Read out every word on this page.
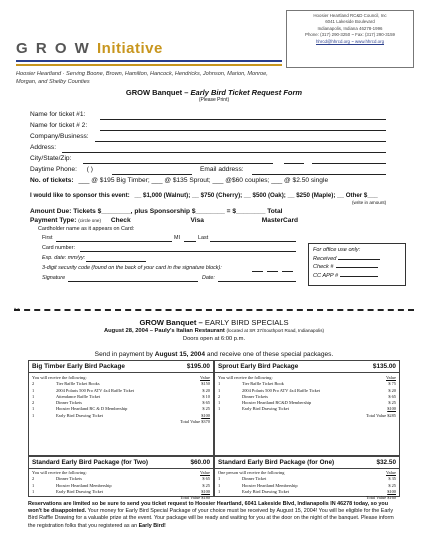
G R O W Initiative
Hoosier Heartland · Serving Boone, Brown, Hamilton, Hancock, Hendricks, Johnson, Marion, Monroe, Morgan, and Shelby Counties
Hoosier Heartland RC&D Council, Inc
6041 Lakeside Boulevard
Indianapolis, Indiana 46278-1996
Phone: (317) 290-3250 ~ Fax: (317) 290-3159
hhrcd@hhrcd.org ~ www.hhrcd.org
GROW Banquet – Early Bird Ticket Request Form
(Please Print)
Name for ticket #1:
Name for ticket # 2:
Company/Business:
Address:
City/State/Zip:
Daytime Phone: ( )	Email address:
No. of tickets: ___ @ $195 Big Timber; ___ @ $135 Sprout; ___ @$60 couples; ___ @ $2.50 single
I would like to sponsor this event: __ $1,000 (Walnut); __ $750 (Cherry); __ $500 (Oak); __ $250 (Maple); __ Other $___
(write in amount)
Amount Due: Tickets $________, plus Sponsorship $________ = $________ Total
Payment Type: (circle one) Check	Visa	MasterCard
Cardholder name as it appears on Card:
First	MI	Last
Card number:
Exp. date: mm/yy:
3-digit security code (found on the back of your card in the signature block):
Signature	Date:
For office use only:
Received
Check #
CC APP #
✂
GROW Banquet – EARLY BIRD SPECIALS
August 28, 2004 – Pauly's Italian Restaurant (located at SR 37/Southport Road, Indianapolis)
Doors open at 6:00 p.m.
Send in payment by August 15, 2004 and receive one of these special packages.
Big Timber Early Bird Package	$195.00
You will receive the following:	Value
2	Tier Raffle Ticket Books	$150
1	2004 Polaris 500 Pro ATV 4x4 Raffle Ticket	$ 20
1	Attendance Raffle Ticket	$ 10
2	Dinner Tickets	$ 65
1	Hoosier Heartland RC & D Membership	$ 25
1	Early Bird Drawing Ticket	$100
Total Value $370
Sprout Early Bird Package	$135.00
You will receive the following:	Value
1	Tier Raffle Ticket Book	$ 75
1	2004 Polaris 500 Pro ATV 4x4 Raffle Ticket	$ 20
2	Dinner Tickets	$ 65
1	Hoosier Heartland RC&D Membership	$ 25
1	Early Bird Drawing Ticket	$100
Total Value $285
Standard Early Bird Package (for Two)	$60.00
You will receive the following:	Value
2	Dinner Tickets	$ 65
1	Hoosier Heartland Membership	$ 25
1	Early Bird Drawing Ticket	$100
Total Value $180
Standard Early Bird Package (for One)	$32.50
One person will receive the following	Value
1	Dinner Ticket	$ 35
1	Hoosier Heartland Membership	$ 25
1	Early Bird Drawing Ticket	$100
Total Value $160
Reservations are limited so be sure to send you ticket request to Hoosier Heartland, 6041 Lakeside Blvd, Indianapolis IN 46278 today, so you won't be disappointed. Your money for Early Bird Special Package of your choice must be received by August 15, 2004! You will be eligible for the Early Bird Raffle Drawing for a valuable prize at the event. Your package will be ready and waiting for you at the door on the night of the banquet. Please inform the registration folks that you registered as an Early Bird!
